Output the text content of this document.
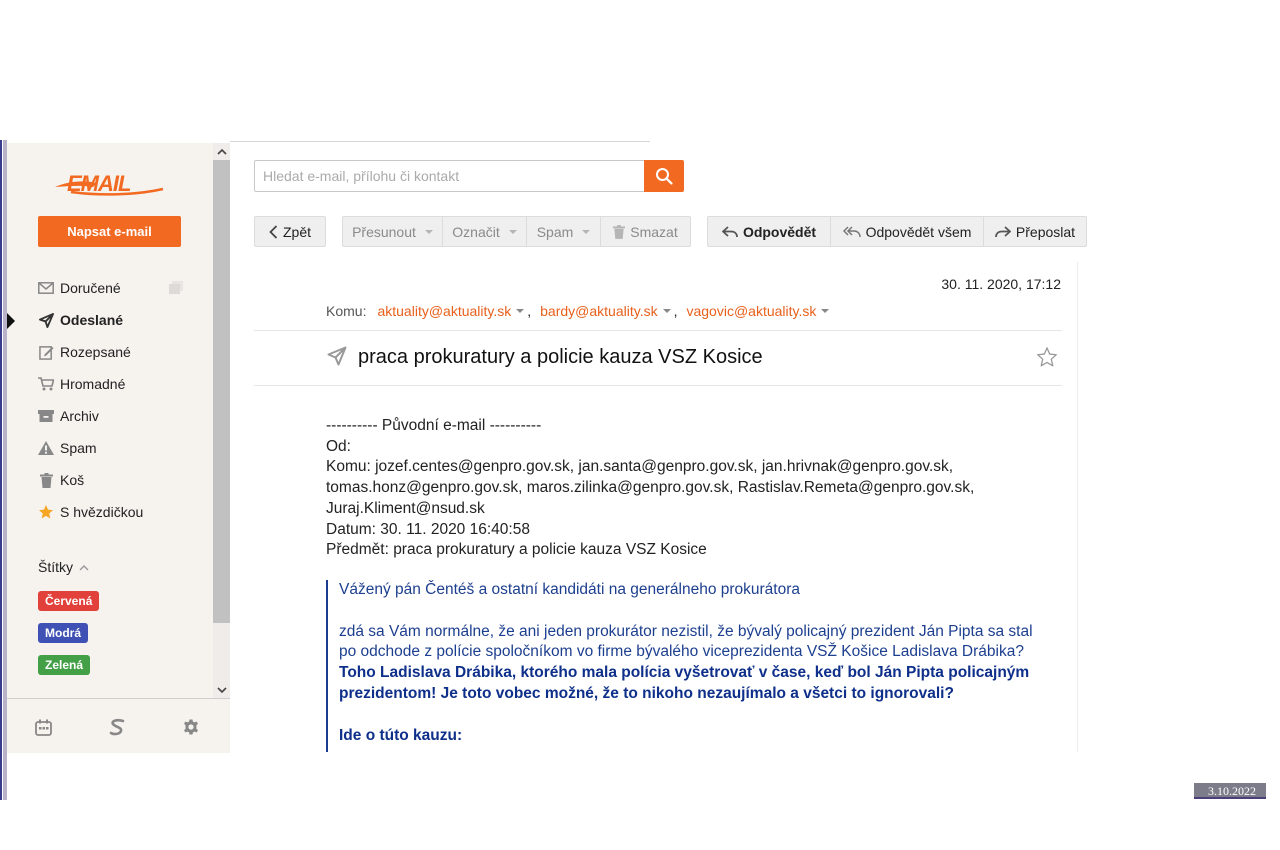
EMAIL
Napsat e-mail
Doručené
Odeslané
Rozepsané
Hromadné
Archiv
Spam
Koš
S hvězdičkou
Štítky
Červená
Modrá
Zelená
Hledat e-mail, přílohu či kontakt
Zpět	Přesunout	Označit	Spam	Smazat	Odpovědět	Odpovědět všem	Přeposlat
30. 11. 2020, 17:12
Komu: aktuality@aktuality.sk , bardy@aktuality.sk , vagovic@aktuality.sk
praca prokuratury a policie kauza VSZ Kosice
---------- Původní e-mail ----------
Od:
Komu: jozef.centes@genpro.gov.sk, jan.santa@genpro.gov.sk, jan.hrivnak@genpro.gov.sk,
tomas.honz@genpro.gov.sk, maros.zilinka@genpro.gov.sk, Rastislav.Remeta@genpro.gov.sk,
Juraj.Kliment@nsud.sk
Datum: 30. 11. 2020 16:40:58
Předmět: praca prokuratury a policie kauza VSZ Kosice
Vážený pán Čentéš a ostatní kandidáti na generálneho prokurátora
zdá sa Vám normálne, že ani jeden prokurátor nezistil, že bývalý policajný prezident Ján Pipta sa stal
po odchode z polície spoločníkom vo firme bývalého viceprezidenta VSŽ Košice Ladislava Drábika?
Toho Ladislava Drábika, ktorého mala polícia vyšetrovať v čase, keď bol Ján Pipta policajným
prezidentom! Je toto vobec možné, že to nikoho nezaujímalo a všetci to ignorovali?
Ide o túto kauzu:
3.10.2022
